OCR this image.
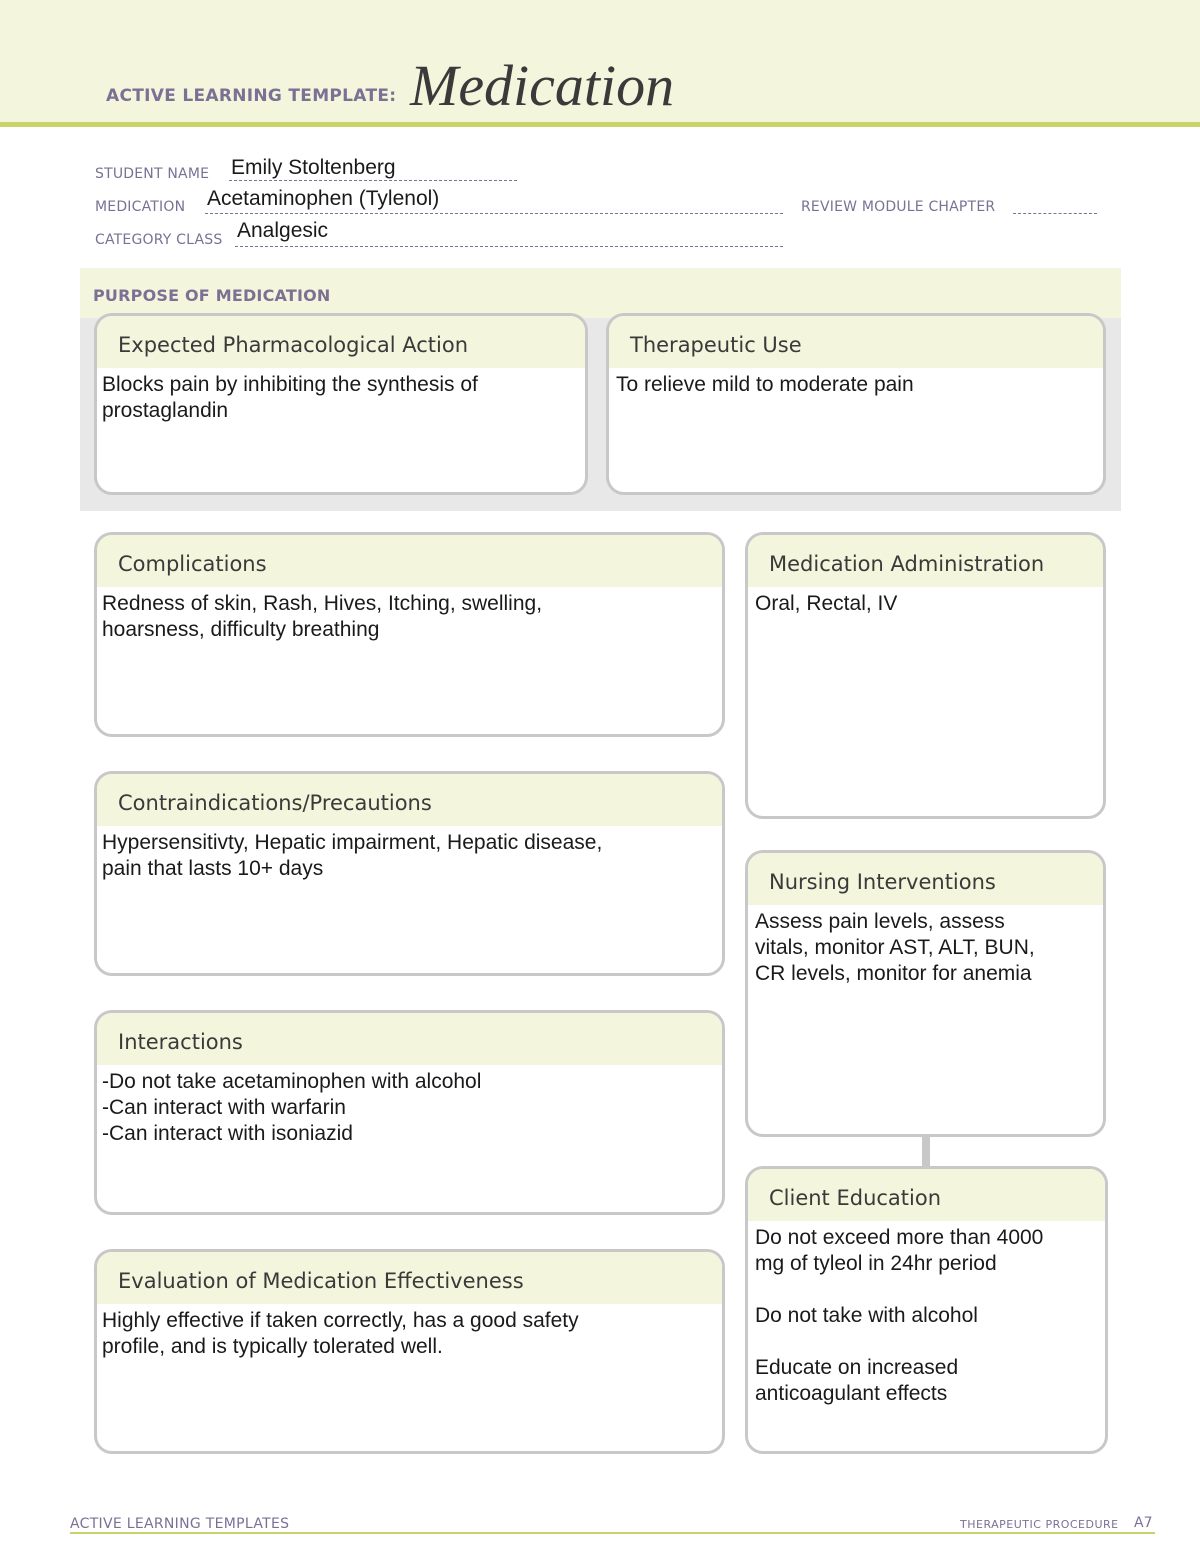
ACTIVE LEARNING TEMPLATE: Medication
STUDENT NAME Emily Stoltenberg
MEDICATION Acetaminophen (Tylenol)	REVIEW MODULE CHAPTER
CATEGORY CLASS Analgesic
PURPOSE OF MEDICATION
Expected Pharmacological Action
Blocks pain by inhibiting the synthesis of
prostaglandin
Therapeutic Use
To relieve mild to moderate pain
Complications
Redness of skin, Rash, Hives, Itching, swelling,
hoarsness, difficulty breathing
Medication Administration
Oral, Rectal, IV
Contraindications/Precautions
Hypersensitivty, Hepatic impairment, Hepatic disease,
pain that lasts 10+ days
Nursing Interventions
Assess pain levels, assess
vitals, monitor AST, ALT, BUN,
CR levels, monitor for anemia
Interactions
-Do not take acetaminophen with alcohol
-Can interact with warfarin
-Can interact with isoniazid
Client Education
Do not exceed more than 4000
mg of tyleol in 24hr period

Do not take with alcohol

Educate on increased
anticoagulant effects
Evaluation of Medication Effectiveness
Highly effective if taken correctly, has a good safety
profile, and is typically tolerated well.
ACTIVE LEARNING TEMPLATES	THERAPEUTIC PROCEDURE A7
